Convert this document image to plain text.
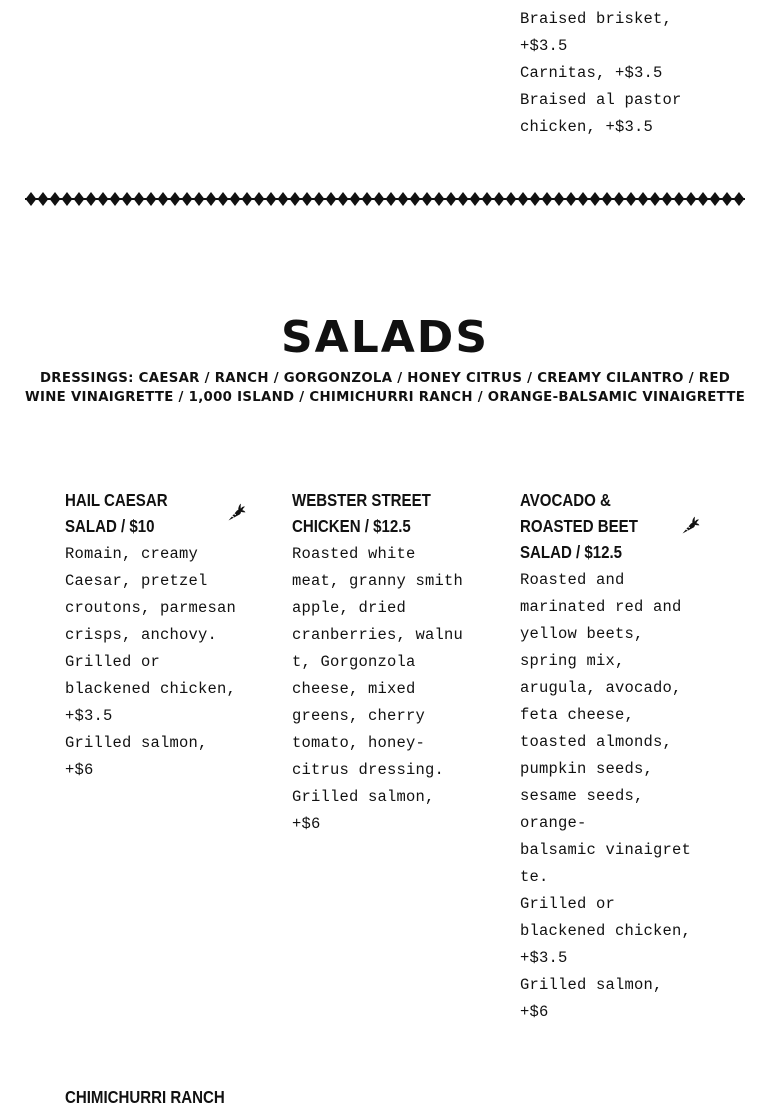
Braised brisket,
+$3.5
Carnitas, +$3.5
Braised al pastor
chicken, +$3.5
SALADS
DRESSINGS: CAESAR / RANCH / GORGONZOLA / HONEY CITRUS / CREAMY CILANTRO / RED
WINE VINAIGRETTE / 1,000 ISLAND / CHIMICHURRI RANCH / ORANGE-BALSAMIC VINAIGRETTE
HAIL CAESAR
SALAD / $10
Romain, creamy
Caesar, pretzel
croutons, parmesan
crisps, anchovy.
Grilled or
blackened chicken,
+$3.5
Grilled salmon,
+$6
WEBSTER STREET
CHICKEN / $12.5
Roasted white
meat, granny smith
apple, dried
cranberries, walnu
t, Gorgonzola
cheese, mixed
greens, cherry
tomato, honey-
citrus dressing.
Grilled salmon,
+$6
AVOCADO &
ROASTED BEET
SALAD / $12.5
Roasted and
marinated red and
yellow beets,
spring mix,
arugula, avocado,
feta cheese,
toasted almonds,
pumpkin seeds,
sesame seeds,
orange-
balsamic vinaigret
te.
Grilled or
blackened chicken,
+$3.5
Grilled salmon,
+$6
CHIMICHURRI RANCH
